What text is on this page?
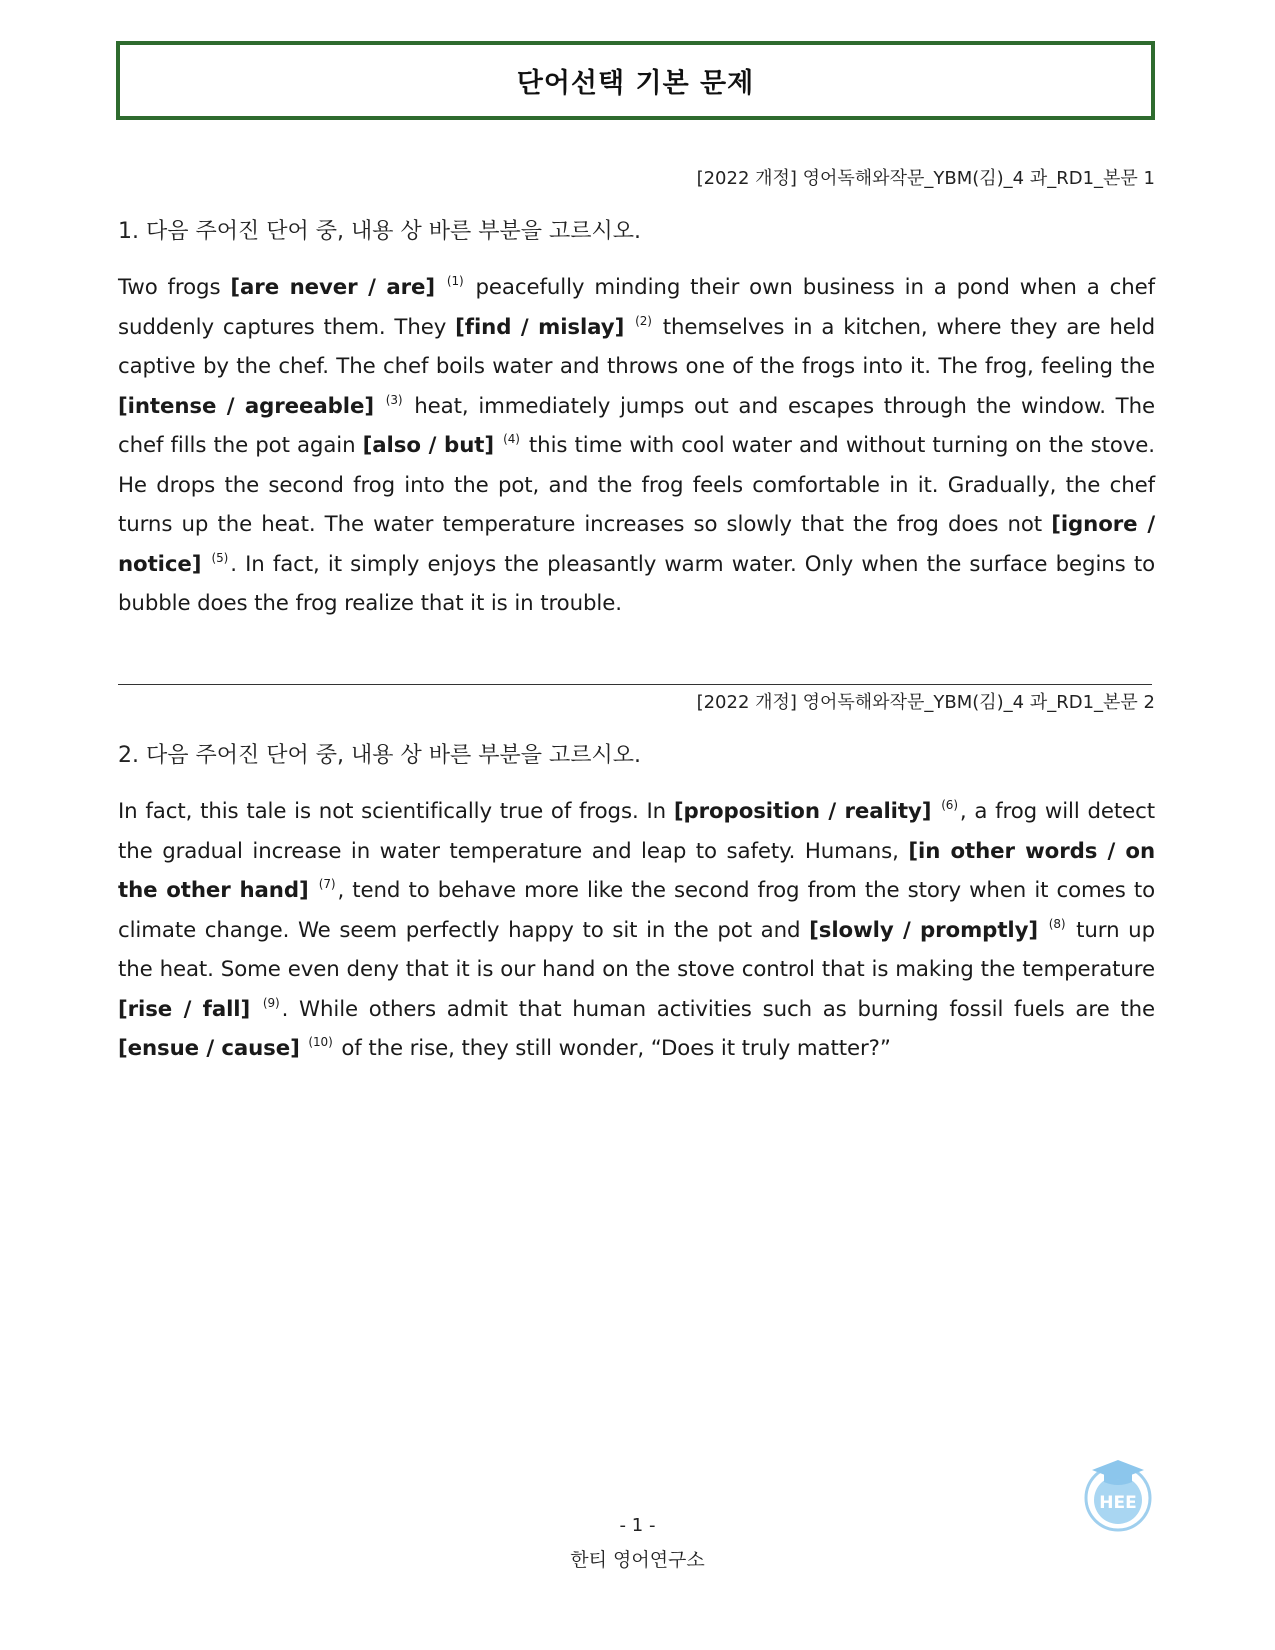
단어선택 기본 문제
[2022 개정] 영어독해와작문_YBM(김)_4 과_RD1_본문 1
1. 다음 주어진 단어 중, 내용 상 바른 부분을 고르시오.

Two frogs [are never / are] $^{(1)}$ peacefully minding their own business in a pond when a chef suddenly captures them. They [find / mislay] $^{(2)}$ themselves in a kitchen, where they are held captive by the chef. The chef boils water and throws one of the frogs into it. The frog, feeling the [intense / agreeable] $^{(3)}$ heat, immediately jumps out and escapes through the window. The chef fills the pot again [also / but] $^{(4)}$ this time with cool water and without turning on the stove. He drops the second frog into the pot, and the frog feels comfortable in it. Gradually, the chef turns up the heat. The water temperature increases so slowly that the frog does not [ignore / notice] $^{(5)}$. In fact, it simply enjoys the pleasantly warm water. Only when the surface begins to bubble does the frog realize that it is in trouble.

[2022 개정] 영어독해와작문_YBM(김)_4 과_RD1_본문 2
2. 다음 주어진 단어 중, 내용 상 바른 부분을 고르시오.

In fact, this tale is not scientifically true of frogs. In [proposition / reality] $^{(6)}$, a frog will detect the gradual increase in water temperature and leap to safety. Humans, [in other words / on the other hand] $^{(7)}$, tend to behave more like the second frog from the story when it comes to climate change. We seem perfectly happy to sit in the pot and [slowly / promptly] $^{(8)}$ turn up the heat. Some even deny that it is our hand on the stove control that is making the temperature [rise / fall] $^{(9)}$. While others admit that human activities such as burning fossil fuels are the [ensue / cause] $^{(10)}$ of the rise, they still wonder, “Does it truly matter?”

- 1 -
한티 영어연구소
HEE
